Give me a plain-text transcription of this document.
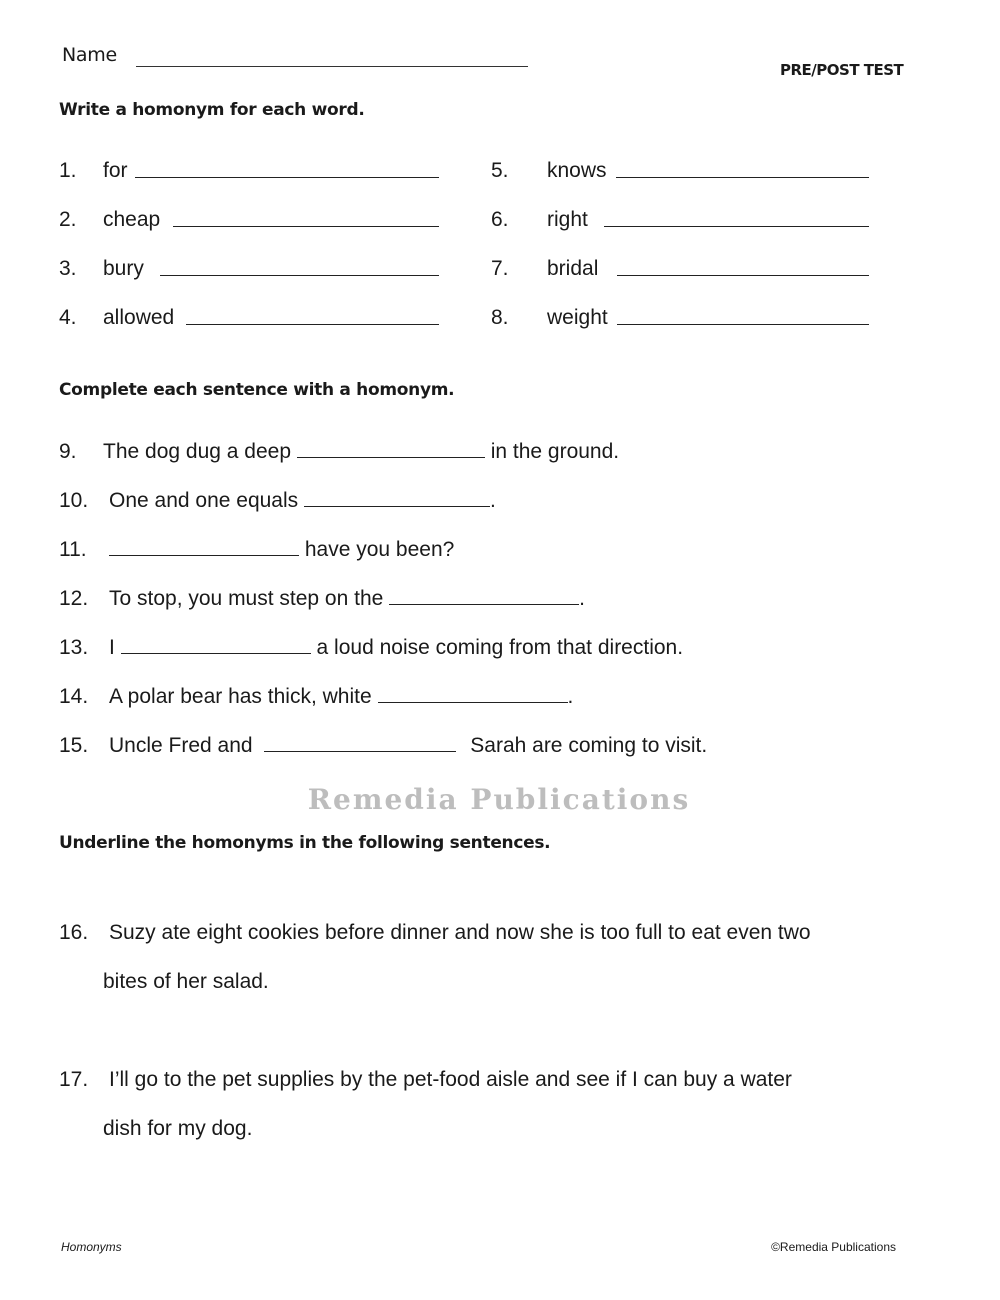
Name
PRE/POST TEST
Write a homonym for each word.
1. for
2. cheap
3. bury
4. allowed
5. knows
6. right
7. bridal
8. weight
Complete each sentence with a homonym.
9. The dog dug a deep	in the ground.
10. One and one equals	.
11.	have you been?
12. To stop, you must step on the	.
13. I	a loud noise coming from that direction.
14. A polar bear has thick, white	.
15. Uncle Fred and	Sarah are coming to visit.
Remedia Publications
Underline the homonyms in the following sentences.
16. Suzy ate eight cookies before dinner and now she is too full to eat even two
bites of her salad.
17. I’ll go to the pet supplies by the pet-food aisle and see if I can buy a water
dish for my dog.
Homonyms	©Remedia Publications
